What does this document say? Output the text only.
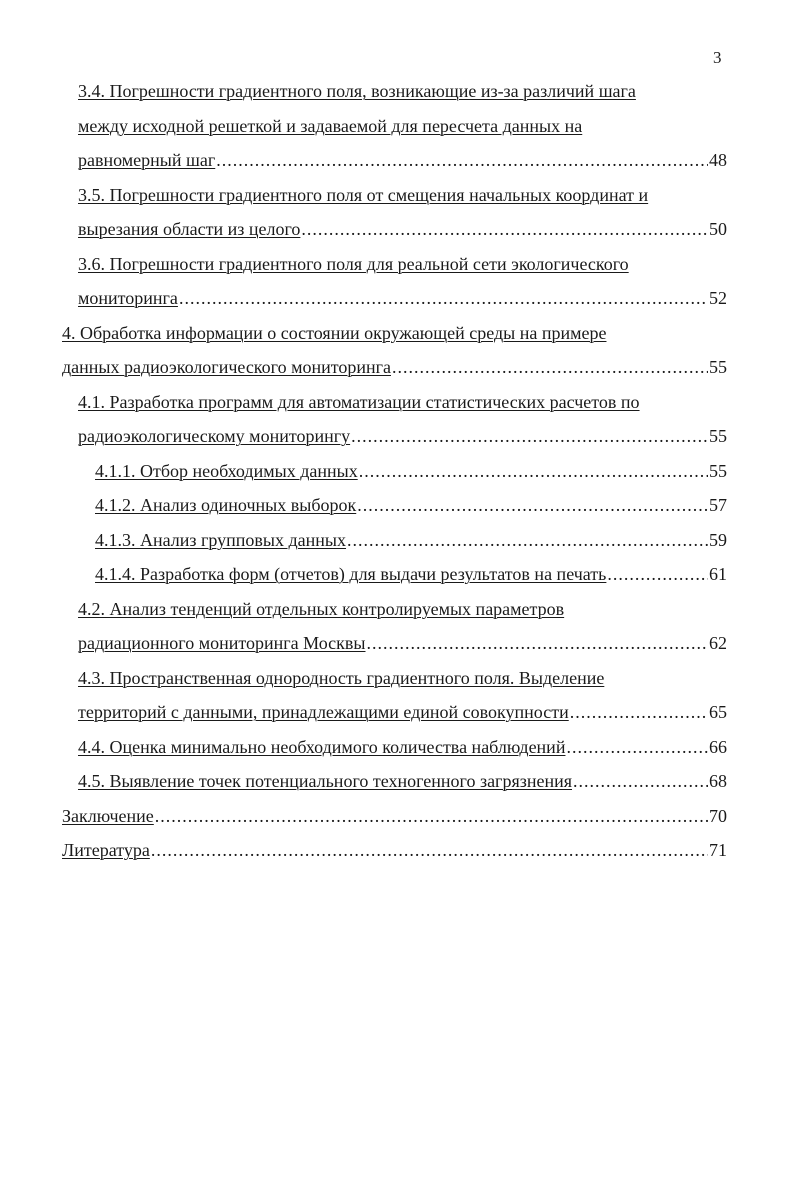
3
3.4. Погрешности градиентного поля, возникающие из-за различий шага
между исходной решеткой и задаваемой для пересчета данных на
равномерный шаг .....	48
3.5. Погрешности градиентного поля от смещения начальных координат и
вырезания области из целого .....	50
3.6. Погрешности градиентного поля для реальной сети экологического
мониторинга .....	52
4. Обработка информации о состоянии окружающей среды на примере
данных радиоэкологического мониторинга .....	55
4.1. Разработка программ для автоматизации статистических расчетов по
радиоэкологическому мониторингу .....	55
4.1.1. Отбор необходимых данных .....	55
4.1.2. Анализ одиночных выборок .....	57
4.1.3. Анализ групповых данных .....	59
4.1.4. Разработка форм (отчетов) для выдачи результатов на печать .....	61
4.2. Анализ тенденций отдельных контролируемых параметров
радиационного мониторинга Москвы .....	62
4.3. Пространственная однородность градиентного поля. Выделение
территорий с данными, принадлежащими единой совокупности .....	65
4.4. Оценка минимально необходимого количества наблюдений .....	66
4.5. Выявление точек потенциального техногенного загрязнения .....	68
Заключение .....	70
Литература .....	71
